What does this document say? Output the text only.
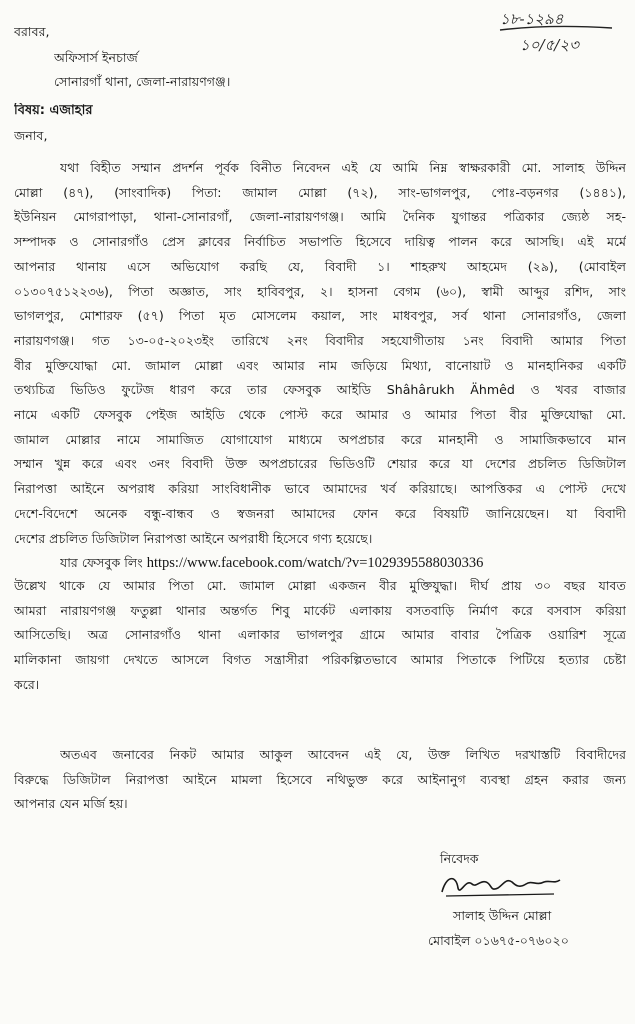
১৮-১২৯৪
১০/৫/২৩
বরাবর,
অফিসার্স ইনচার্জ
সোনারগাঁ থানা, জেলা-নারায়ণগঞ্জ।
বিষয়: এজাহার
জনাব,
যথা বিহীত সম্মান প্রদর্শন পূর্বক বিনীত নিবেদন এই যে আমি নিম্ন স্বাক্ষরকারী মো. সালাহ উদ্দিন
মোল্লা (৪৭), (সাংবাদিক) পিতা: জামাল মোল্লা (৭২), সাং-ভাগলপুর, পোঃ-বড়নগর (১৪৪১),
ইউনিয়ন মোগরাপাড়া, থানা-সোনারগাঁ, জেলা-নারায়ণগঞ্জ। আমি দৈনিক যুগান্তর পত্রিকার জ্যেষ্ঠ সহ-
সম্পাদক ও সোনারগাঁও প্রেস ক্লাবের নির্বাচিত সভাপতি হিসেবে দায়িত্ব পালন করে আসছি। এই মর্মে
আপনার থানায় এসে অভিযোগ করছি যে, বিবাদী ১। শাহরুখ আহমেদ (২৯), (মোবাইল
০১৩০৭৫১২২৩৬), পিতা অজ্ঞাত, সাং হাবিবপুর, ২। হাসনা বেগম (৬০), স্বামী আব্দুর রশিদ, সাং
ভাগলপুর, মোশারফ (৫৭) পিতা মৃত মোসলেম কয়াল, সাং মাধবপুর, সর্ব থানা সোনারগাঁও, জেলা
নারায়ণগঞ্জ। গত ১৩-০৫-২০২৩ইং তারিখে ২নং বিবাদীর সহযোগীতায় ১নং বিবাদী আমার পিতা
বীর মুক্তিযোদ্ধা মো. জামাল মোল্লা এবং আমার নাম জড়িয়ে মিথ্যা, বানোয়াট ও মানহানিকর একটি
তথ্যচিত্র ভিডিও ফুটেজ ধারণ করে তার ফেসবুক আইডি Shâhârukh Ähmêd ও খবর বাজার
নামে একটি ফেসবুক পেইজ আইডি থেকে পোস্ট করে আমার ও আমার পিতা বীর মুক্তিযোদ্ধা মো.
জামাল মোল্লার নামে সামাজিত যোগাযোগ মাধ্যমে অপপ্রচার করে মানহানী ও সামাজিকভাবে মান
সম্মান খুন্ন করে এবং ৩নং বিবাদী উক্ত অপপ্রচারের ভিডিওটি শেয়ার করে যা দেশের প্রচলিত ডিজিটাল
নিরাপত্তা আইনে অপরাধ করিয়া সাংবিধানীক ভাবে আমাদের খর্ব করিয়াছে। আপত্তিকর এ পোস্ট দেখে
দেশে-বিদেশে অনেক বন্ধু-বান্ধব ও স্বজনরা আমাদের ফোন করে বিষয়টি জানিয়েছেন। যা বিবাদী
দেশের প্রচলিত ডিজিটাল নিরাপত্তা আইনে অপরাধী হিসেবে গণ্য হয়েছে।
যার ফেসবুক লিং https://www.facebook.com/watch/?v=1029395588030336
উল্লেখ থাকে যে আমার পিতা মো. জামাল মোল্লা একজন বীর মুক্তিযুদ্ধা। দীর্ঘ প্রায় ৩০ বছর যাবত
আমরা নারায়ণগঞ্জ ফতুল্লা থানার অন্তর্গত শিবু মার্কেট এলাকায় বসতবাড়ি নির্মাণ করে বসবাস করিয়া
আসিতেছি। অত্র সোনারগাঁও থানা এলাকার ভাগলপুর গ্রামে আমার বাবার পৈত্রিক ওয়ারিশ সূত্রে
মালিকানা জায়গা দেখতে আসলে বিগত সন্ত্রাসীরা পরিকল্পিতভাবে আমার পিতাকে পিটিয়ে হত্যার চেষ্টা
করে।
অতএব জনাবের নিকট আমার আকুল আবেদন এই যে, উক্ত লিখিত দরখাস্তটি বিবাদীদের
বিরুদ্ধে ডিজিটাল নিরাপত্তা আইনে মামলা হিসেবে নথিভুক্ত করে আইনানুগ ব্যবস্থা গ্রহন করার জন্য
আপনার যেন মর্জি হয়।
নিবেদক
সালাহ উদ্দিন মোল্লা
মোবাইল ০১৬৭৫-০৭৬০২০
